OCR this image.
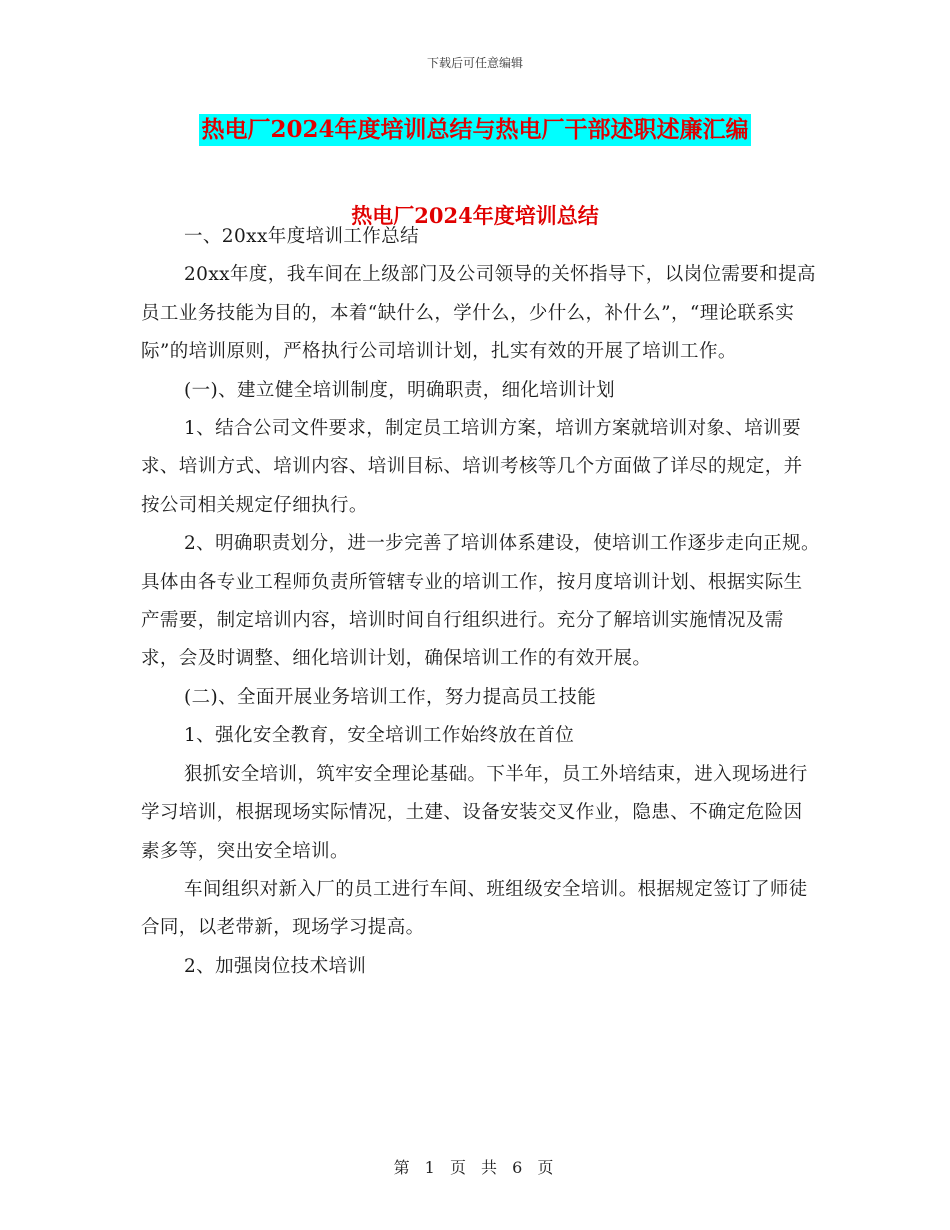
下载后可任意编辑
热电厂2024年度培训总结与热电厂干部述职述廉汇编
热电厂2024年度培训总结

一、20xx年度培训工作总结

20xx年度，我车间在上级部门及公司领导的关怀指导下，以岗位需要和提高员工业务技能为目的，本着“缺什么，学什么，少什么，补什么”，“理论联系实际”的培训原则，严格执行公司培训计划，扎实有效的开展了培训工作。

(一)、建立健全培训制度，明确职责，细化培训计划

1、结合公司文件要求，制定员工培训方案，培训方案就培训对象、培训要求、培训方式、培训内容、培训目标、培训考核等几个方面做了详尽的规定，并按公司相关规定仔细执行。

2、明确职责划分，进一步完善了培训体系建设，使培训工作逐步走向正规。具体由各专业工程师负责所管辖专业的培训工作，按月度培训计划、根据实际生产需要，制定培训内容，培训时间自行组织进行。充分了解培训实施情况及需求，会及时调整、细化培训计划，确保培训工作的有效开展。

(二)、全面开展业务培训工作，努力提高员工技能

1、强化安全教育，安全培训工作始终放在首位

狠抓安全培训，筑牢安全理论基础。下半年，员工外培结束，进入现场进行学习培训，根据现场实际情况，土建、设备安装交叉作业，隐患、不确定危险因素多等，突出安全培训。

车间组织对新入厂的员工进行车间、班组级安全培训。根据规定签订了师徒合同，以老带新，现场学习提高。

2、加强岗位技术培训

第 1 页 共 6 页
